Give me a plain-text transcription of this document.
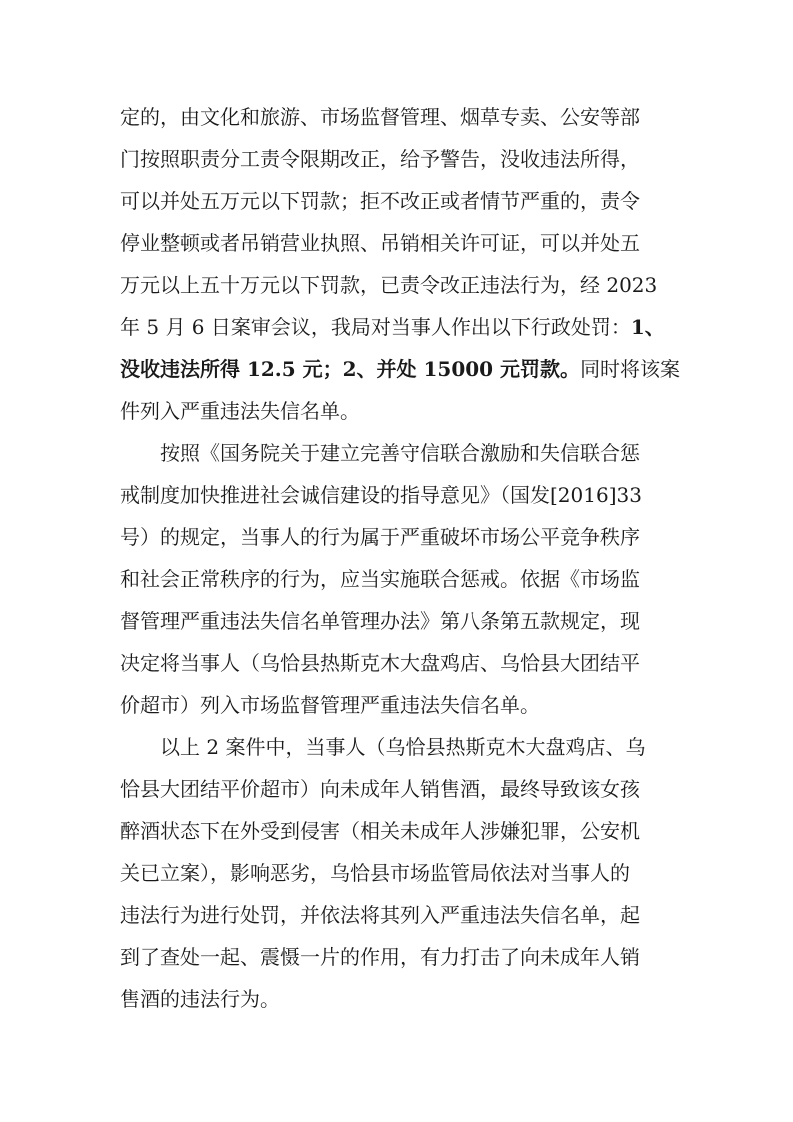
定的，由文化和旅游、市场监督管理、烟草专卖、公安等部
门按照职责分工责令限期改正，给予警告，没收违法所得，
可以并处五万元以下罚款；拒不改正或者情节严重的，责令
停业整顿或者吊销营业执照、吊销相关许可证，可以并处五
万元以上五十万元以下罚款，已责令改正违法行为，经 2023
年 5 月 6 日案审会议，我局对当事人作出以下行政处罚：1、
没收违法所得 12.5 元；2、并处 15000 元罚款。同时将该案
件列入严重违法失信名单。
按照《国务院关于建立完善守信联合激励和失信联合惩
戒制度加快推进社会诚信建设的指导意见》（国发[2016]33
号）的规定，当事人的行为属于严重破坏市场公平竞争秩序
和社会正常秩序的行为，应当实施联合惩戒。依据《市场监
督管理严重违法失信名单管理办法》第八条第五款规定，现
决定将当事人（乌恰县热斯克木大盘鸡店、乌恰县大团结平
价超市）列入市场监督管理严重违法失信名单。
以上 2 案件中，当事人（乌恰县热斯克木大盘鸡店、乌
恰县大团结平价超市）向未成年人销售酒，最终导致该女孩
醉酒状态下在外受到侵害（相关未成年人涉嫌犯罪，公安机
关已立案），影响恶劣，乌恰县市场监管局依法对当事人的
违法行为进行处罚，并依法将其列入严重违法失信名单，起
到了查处一起、震慑一片的作用，有力打击了向未成年人销
售酒的违法行为。
